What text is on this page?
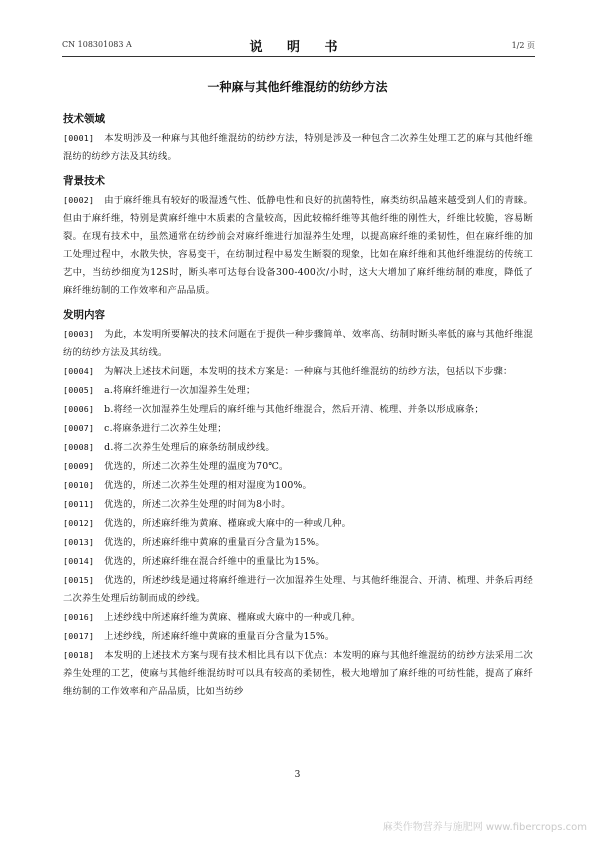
CN 108301083 A	说 明 书	1/2 页
一种麻与其他纤维混纺的纺纱方法
技术领域

[0001] 本发明涉及一种麻与其他纤维混纺的纺纱方法，特别是涉及一种包含二次养生处理工艺的麻与其他纤维混纺的纺纱方法及其纺线。

背景技术

[0002] 由于麻纤维具有较好的吸湿透气性、低静电性和良好的抗菌特性，麻类纺织品越来越受到人们的青睐。但由于麻纤维，特别是黄麻纤维中木质素的含量较高，因此较棉纤维等其他纤维的刚性大，纤维比较脆，容易断裂。在现有技术中，虽然通常在纺纱前会对麻纤维进行加湿养生处理，以提高麻纤维的柔韧性，但在麻纤维的加工处理过程中，水散失快，容易变干，在纺制过程中易发生断裂的现象，比如在麻纤维和其他纤维混纺的传统工艺中，当纺纱细度为12S时，断头率可达每台设备300-400次/小时，这大大增加了麻纤维纺制的难度，降低了麻纤维纺制的工作效率和产品品质。

发明内容

[0003] 为此，本发明所要解决的技术问题在于提供一种步骤简单、效率高、纺制时断头率低的麻与其他纤维混纺的纺纱方法及其纺线。

[0004] 为解决上述技术问题，本发明的技术方案是：一种麻与其他纤维混纺的纺纱方法，包括以下步骤：

[0005] a.将麻纤维进行一次加湿养生处理；

[0006] b.将经一次加湿养生处理后的麻纤维与其他纤维混合，然后开清、梳理、并条以形成麻条；

[0007] c.将麻条进行二次养生处理；

[0008] d.将二次养生处理后的麻条纺制成纱线。

[0009] 优选的，所述二次养生处理的温度为70℃。

[0010] 优选的，所述二次养生处理的相对湿度为100%。

[0011] 优选的，所述二次养生处理的时间为8小时。

[0012] 优选的，所述麻纤维为黄麻、槿麻或大麻中的一种或几种。

[0013] 优选的，所述麻纤维中黄麻的重量百分含量为15%。

[0014] 优选的，所述麻纤维在混合纤维中的重量比为15%。

[0015] 优选的，所述纱线是通过将麻纤维进行一次加湿养生处理、与其他纤维混合、开清、梳理、并条后再经二次养生处理后纺制而成的纱线。

[0016] 上述纱线中所述麻纤维为黄麻、槿麻或大麻中的一种或几种。

[0017] 上述纱线，所述麻纤维中黄麻的重量百分含量为15%。

[0018] 本发明的上述技术方案与现有技术相比具有以下优点：本发明的麻与其他纤维混纺的纺纱方法采用二次养生处理的工艺，使麻与其他纤维混纺时可以具有较高的柔韧性，极大地增加了麻纤维的可纺性能，提高了麻纤维纺制的工作效率和产品品质，比如当纺纱

3
麻类作物营养与施肥网 www.fibercrops.com
